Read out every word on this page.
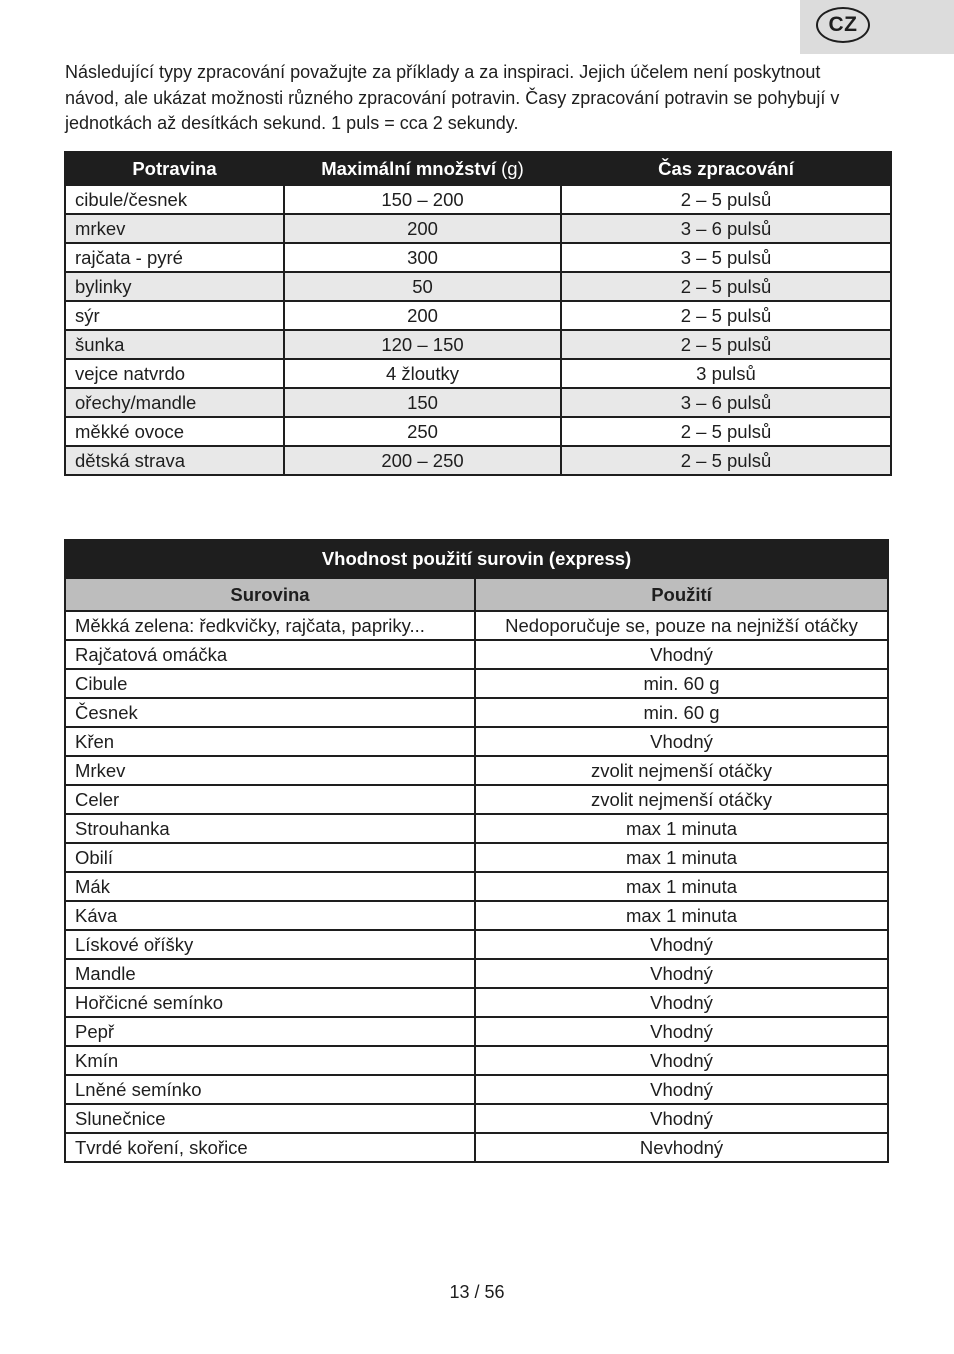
CZ

Následující typy zpracování považujte za příklady a za inspiraci. Jejich účelem není poskytnout návod, ale ukázat možnosti různého zpracování potravin. Časy zpracování potravin se pohybují v jednotkách až desítkách sekund. 1 puls = cca 2 sekundy.

Potravina	Maximální množství (g)	Čas zpracování
cibule/česnek	150 – 200	2 – 5 pulsů
mrkev	200	3 – 6 pulsů
rajčata - pyré	300	3 – 5 pulsů
bylinky	50	2 – 5 pulsů
sýr	200	2 – 5 pulsů
šunka	120 – 150	2 – 5 pulsů
vejce natvrdo	4 žloutky	3 pulsů
ořechy/mandle	150	3 – 6 pulsů
měkké ovoce	250	2 – 5 pulsů
dětská strava	200 – 250	2 – 5 pulsů
Vhodnost použití surovin (express)	
Surovina	Použití
Měkká zelena: ředkvičky, rajčata, papriky...	Nedoporučuje se, pouze na nejnižší otáčky
Rajčatová omáčka	Vhodný
Cibule	min. 60 g
Česnek	min. 60 g
Křen	Vhodný
Mrkev	zvolit nejmenší otáčky
Celer	zvolit nejmenší otáčky
Strouhanka	max 1 minuta
Obilí	max 1 minuta
Mák	max 1 minuta
Káva	max 1 minuta
Lískové oříšky	Vhodný
Mandle	Vhodný
Hořčicné semínko	Vhodný
Pepř	Vhodný
Kmín	Vhodný
Lněné semínko	Vhodný
Slunečnice	Vhodný
Tvrdé koření, skořice	Nevhodný
13 / 56
